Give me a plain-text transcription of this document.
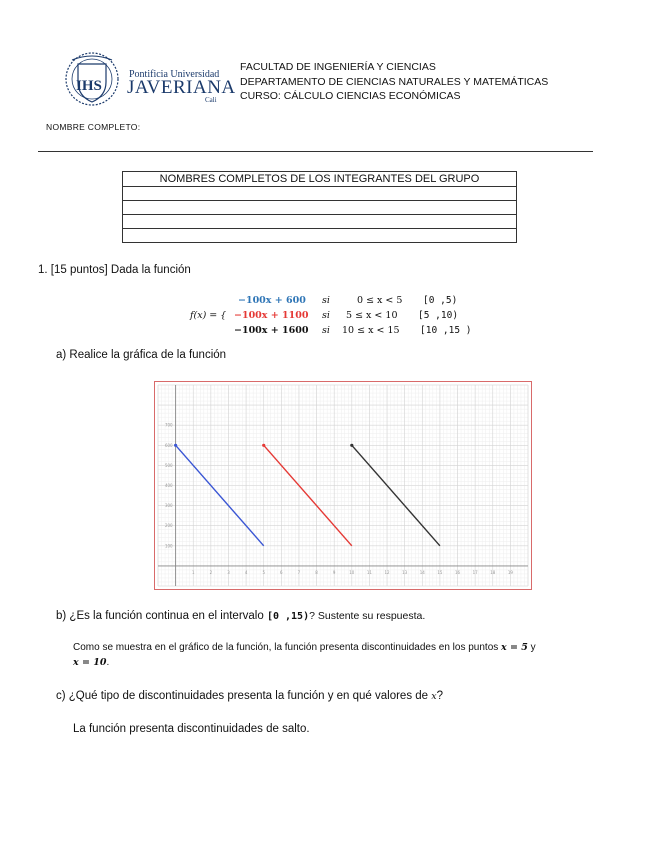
IHS
Pontificia Universidad
JAVERIANA
Cali
FACULTAD DE INGENIERÍA Y CIENCIAS
DEPARTAMENTO DE CIENCIAS NATURALES Y MATEMÁTICAS
CURSO: CÁLCULO CIENCIAS ECONÓMICAS
NOMBRE COMPLETO:
NOMBRES COMPLETOS DE LOS INTEGRANTES DEL GRUPO

1. [15 puntos] Dada la función
f(x) = {
−100x + 600 si	0 ≤ x < 5 [0 ,5)
−100x + 1100 si 5 ≤ x < 10 [5 ,10)
−100x + 1600 si 10 ≤ x < 15 [10 ,15 )
a) Realice la gráfica de la función
1	2	3	4	5	6	7	8	9	10	11	12	13	14	15	16	17	18	19
100
200
300
400
500
600
700
b) ¿Es la función continua en el intervalo [0 ,15)? Sustente su respuesta.
Como se muestra en el gráfico de la función, la función presenta discontinuidades en los puntos x = 5 y
x = 10.
c) ¿Qué tipo de discontinuidades presenta la función y en qué valores de x?
La función presenta discontinuidades de salto.
